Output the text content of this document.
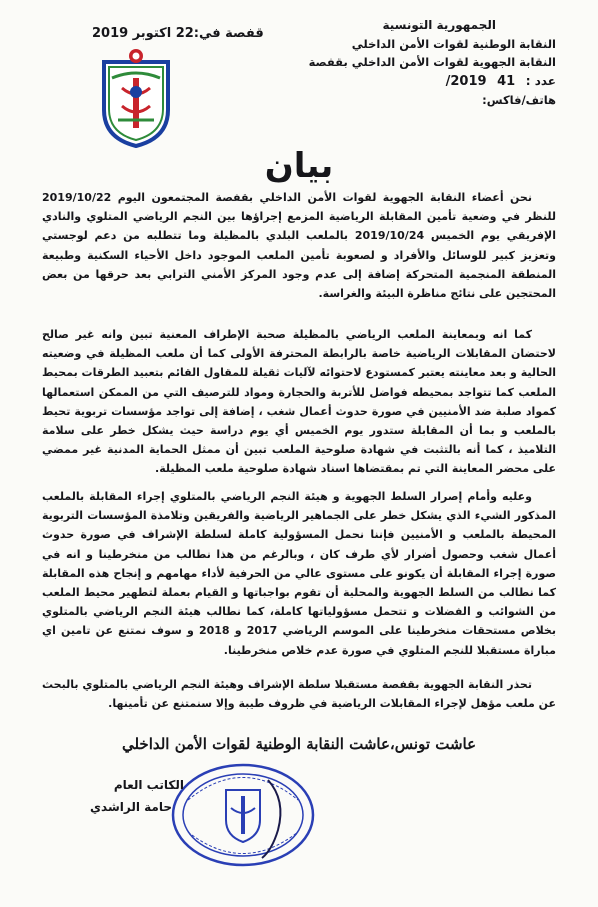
الجمهورية التونسية
النقابة الوطنية لقوات الأمن الداخلي
النقابة الجهوية لقوات الأمن الداخلي بقفصة
عدد : 41 2019/
هاتف/فاكس:
قفصة في:22 اكتوبر 2019
بيان

نحن أعضاء النقابة الجهوية لقوات الأمن الداخلي بقفصة المجتمعون اليوم 2019/10/22 للنظر في وضعية تأمين المقابلة الرياضية المزمع إجراؤها بين النجم الرياضي المتلوي والنادي الإفريقي يوم الخميس 2019/10/24 بالملعب البلدي بالمظيلة وما تتطلبه من دعم لوجستي وتعزيز كبير للوسائل والأفراد و لصعوبة تأمين الملعب الموجود داخل الأحياء السكنية وطبيعة المنطقة المنجمية المتحركة إضافة إلى عدم وجود المركز الأمني الترابي بعد حرقها من بعض المحتجين على نتائج مناظرة البيئة والغراسة.

كما انه وبمعاينة الملعب الرياضي بالمظيلة صحبة الإطراف المعنية تبين وانه غير صالح لاحتضان المقابلات الرياضية خاصة بالرابطة المحترفة الأولى كما أن ملعب المظيلة في وضعيته الحالية و بعد معاينته يعتبر كمستودع لاحتوائه لآليات ثقيلة للمقاول القائم بتعبيد الطرقات بمحيط الملعب كما تتواجد بمحيطه فواضل للأتربة والحجارة ومواد للترصيف التي من الممكن استعمالها كمواد صلبة ضد الأمنيين في صورة حدوث أعمال شغب ، إضافة إلى تواجد مؤسسات تربوية تحيط بالملعب و بما أن المقابلة ستدور يوم الخميس أي يوم دراسة حيث يشكل خطر على سلامة التلاميذ ، كما أنه بالتثبت في شهادة صلوحية الملعب تبين أن ممثل الحماية المدنية غير ممضي على محضر المعاينة التي تم بمقتضاها اسناد شهادة صلوحية ملعب المظيلة.

وعليه وأمام إصرار السلط الجهوية و هيئة النجم الرياضي بالمتلوي إجراء المقابلة بالملعب المذكور الشيء الذي يشكل خطر على الجماهير الرياضية والفريقين وتلامذة المؤسسات التربوية المحيطة بالملعب و الأمنيين فإننا نحمل المسؤولية كاملة لسلطة الإشراف في صورة حدوث أعمال شغب وحصول أضرار لأي طرف كان ، وبالرغم من هذا نطالب من منخرطينا و انه في صورة إجراء المقابلة أن يكونو على مستوى عالي من الحرفية لأداء مهامهم و إنجاح هذه المقابلة كما نطالب من السلط الجهوية والمحلية أن تقوم بواجباتها و القيام بعملة لتطهير محيط الملعب من الشوائب و الفضلات و تتحمل مسؤولياتها كاملة، كما نطالب هيئة النجم الرياضي بالمتلوي بخلاص مستحقات منخرطينا على الموسم الرياضي 2017 و 2018 و سوف نمتنع عن تامين اي مباراة مستقبلا للنجم المتلوي في صورة عدم خلاص منخرطينا.

تحذر النقابة الجهوية بقفصة مستقبلا سلطة الإشراف وهيئة النجم الرياضي بالمتلوي بالبحث عن ملعب مؤهل لإجراء المقابلات الرياضية في ظروف طيبة وإلا سنمتنع عن تأمينها.

عاشت تونس،عاشت النقابة الوطنية لقوات الأمن الداخلي
الكاتب العام
حامة الراشدي
